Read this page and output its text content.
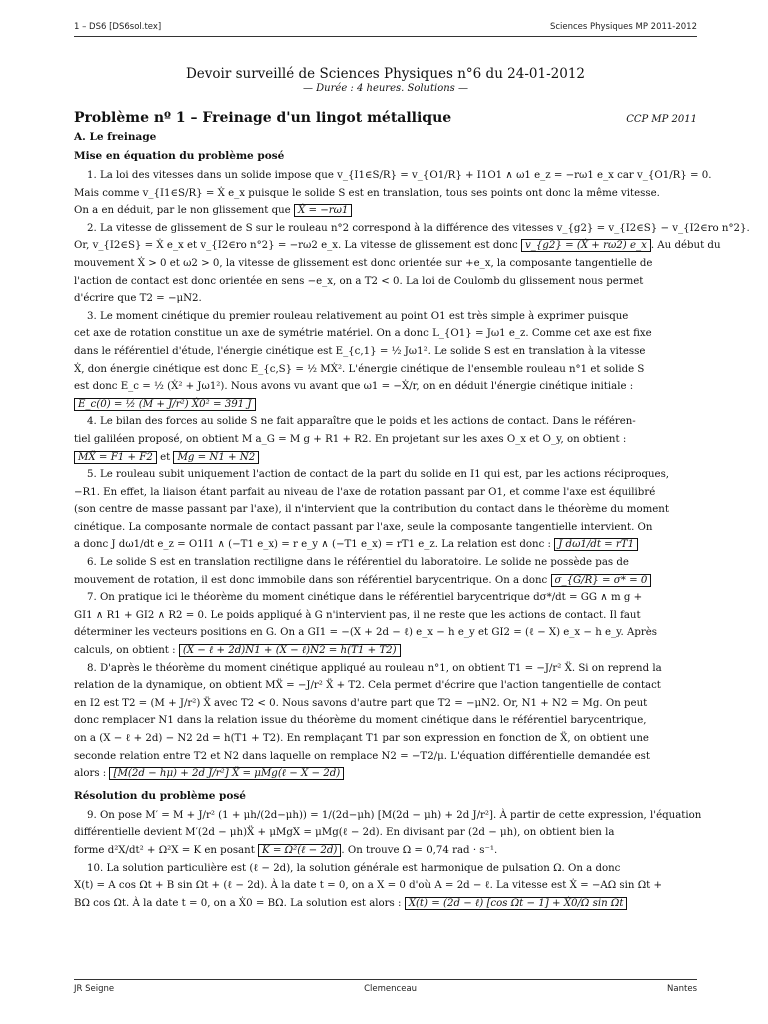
1 – DS6 [DS6sol.tex]	Sciences Physiques MP 2011-2012
Devoir surveillé de Sciences Physiques n°6 du 24-01-2012
— Durée : 4 heures. Solutions —
Problème nº 1 – Freinage d'un lingot métallique	CCP MP 2011
A. Le freinage
Mise en équation du problème posé

1. La loi des vitesses dans un solide impose que v_{I1∈S/R} = v_{O1/R} + I1O1 ∧ ω1 e_z = −rω1 e_x car v_{O1/R} = 0.

Mais comme v_{I1∈S/R} = Ẋ e_x puisque le solide S est en translation, tous ses points ont donc la même vitesse.

On a en déduit, par le non glissement que Ẋ = −rω1

2. La vitesse de glissement de S sur le rouleau n°2 correspond à la différence des vitesses v_{g2} = v_{I2∈S} − v_{I2∈ro n°2}.

Or, v_{I2∈S} = Ẋ e_x et v_{I2∈ro n°2} = −rω2 e_x. La vitesse de glissement est donc v_{g2} = (Ẋ + rω2) e_x . Au début du

mouvement Ẋ > 0 et ω2 > 0, la vitesse de glissement est donc orientée sur +e_x, la composante tangentielle de

l'action de contact est donc orientée en sens −e_x, on a T2 < 0. La loi de Coulomb du glissement nous permet

d'écrire que T2 = −μN2.

3. Le moment cinétique du premier rouleau relativement au point O1 est très simple à exprimer puisque

cet axe de rotation constitue un axe de symétrie matériel. On a donc L_{O1} = Jω1 e_z. Comme cet axe est fixe

dans le référentiel d'étude, l'énergie cinétique est E_{c,1} = ½ Jω1². Le solide S est en translation à la vitesse

Ẋ, don énergie cinétique est donc E_{c,S} = ½ MẊ². L'énergie cinétique de l'ensemble rouleau n°1 et solide S

est donc E_c = ½ (Ẋ² + Jω1²). Nous avons vu avant que ω1 = −Ẋ/r, on en déduit l'énergie cinétique initiale :

E_c(0) = ½ (M + J/r²) Ẋ0² = 391 J

4. Le bilan des forces au solide S ne fait apparaître que le poids et les actions de contact. Dans le référen-

tiel galiléen proposé, on obtient M a_G = M g + R1 + R2. En projetant sur les axes O_x et O_y, on obtient :

MẌ = F1 + F2 et Mg = N1 + N2

5. Le rouleau subit uniquement l'action de contact de la part du solide en I1 qui est, par les actions réciproques,

−R1. En effet, la liaison étant parfait au niveau de l'axe de rotation passant par O1, et comme l'axe est équilibré

(son centre de masse passant par l'axe), il n'intervient que la contribution du contact dans le théorème du moment

cinétique. La composante normale de contact passant par l'axe, seule la composante tangentielle intervient. On

a donc J dω1/dt e_z = O1I1 ∧ (−T1 e_x) = r e_y ∧ (−T1 e_x) = rT1 e_z. La relation est donc : J dω1/dt = rT1

6. Le solide S est en translation rectiligne dans le référentiel du laboratoire. Le solide ne possède pas de

mouvement de rotation, il est donc immobile dans son référentiel barycentrique. On a donc σ_{G/R} = σ* = 0

7. On pratique ici le théorème du moment cinétique dans le référentiel barycentrique dσ*/dt = GG ∧ m g +

GI1 ∧ R1 + GI2 ∧ R2 = 0. Le poids appliqué à G n'intervient pas, il ne reste que les actions de contact. Il faut

déterminer les vecteurs positions en G. On a GI1 = −(X + 2d − ℓ) e_x − h e_y et GI2 = (ℓ − X) e_x − h e_y. Après

calculs, on obtient : (X − ℓ + 2d)N1 + (X − ℓ)N2 = h(T1 + T2)

8. D'après le théorème du moment cinétique appliqué au rouleau n°1, on obtient T1 = −J/r² Ẍ. Si on reprend la

relation de la dynamique, on obtient MẌ = −J/r² Ẍ + T2. Cela permet d'écrire que l'action tangentielle de contact

en I2 est T2 = (M + J/r²) Ẍ avec T2 < 0. Nous savons d'autre part que T2 = −μN2. Or, N1 + N2 = Mg. On peut

donc remplacer N1 dans la relation issue du théorème du moment cinétique dans le référentiel barycentrique,

on a (X − ℓ + 2d) − N2 2d = h(T1 + T2). En remplaçant T1 par son expression en fonction de Ẍ, on obtient une

seconde relation entre T2 et N2 dans laquelle on remplace N2 = −T2/μ. L'équation différentielle demandée est

alors : [M(2d − hμ) + 2d J/r²] Ẍ = μMg(ℓ − X − 2d)

Résolution du problème posé

9. On pose M′ = M + J/r² (1 + μh/(2d−μh)) = 1/(2d−μh) [M(2d − μh) + 2d J/r²]. À partir de cette expression, l'équation

différentielle devient M′(2d − μh)Ẍ + μMgX = μMg(ℓ − 2d). En divisant par (2d − μh), on obtient bien la

forme d²X/dt² + Ω²X = K en posant K = Ω²(ℓ − 2d) . On trouve Ω = 0,74 rad · s⁻¹.

10. La solution particulière est (ℓ − 2d), la solution générale est harmonique de pulsation Ω. On a donc

X(t) = A cos Ωt + B sin Ωt + (ℓ − 2d). À la date t = 0, on a X = 0 d'où A = 2d − ℓ. La vitesse est Ẋ = −AΩ sin Ωt +

BΩ cos Ωt. À la date t = 0, on a Ẋ0 = BΩ. La solution est alors : X(t) = (2d − ℓ) [cos Ωt − 1] + Ẋ0/Ω sin Ωt

JR Seigne	Clemenceau	Nantes
